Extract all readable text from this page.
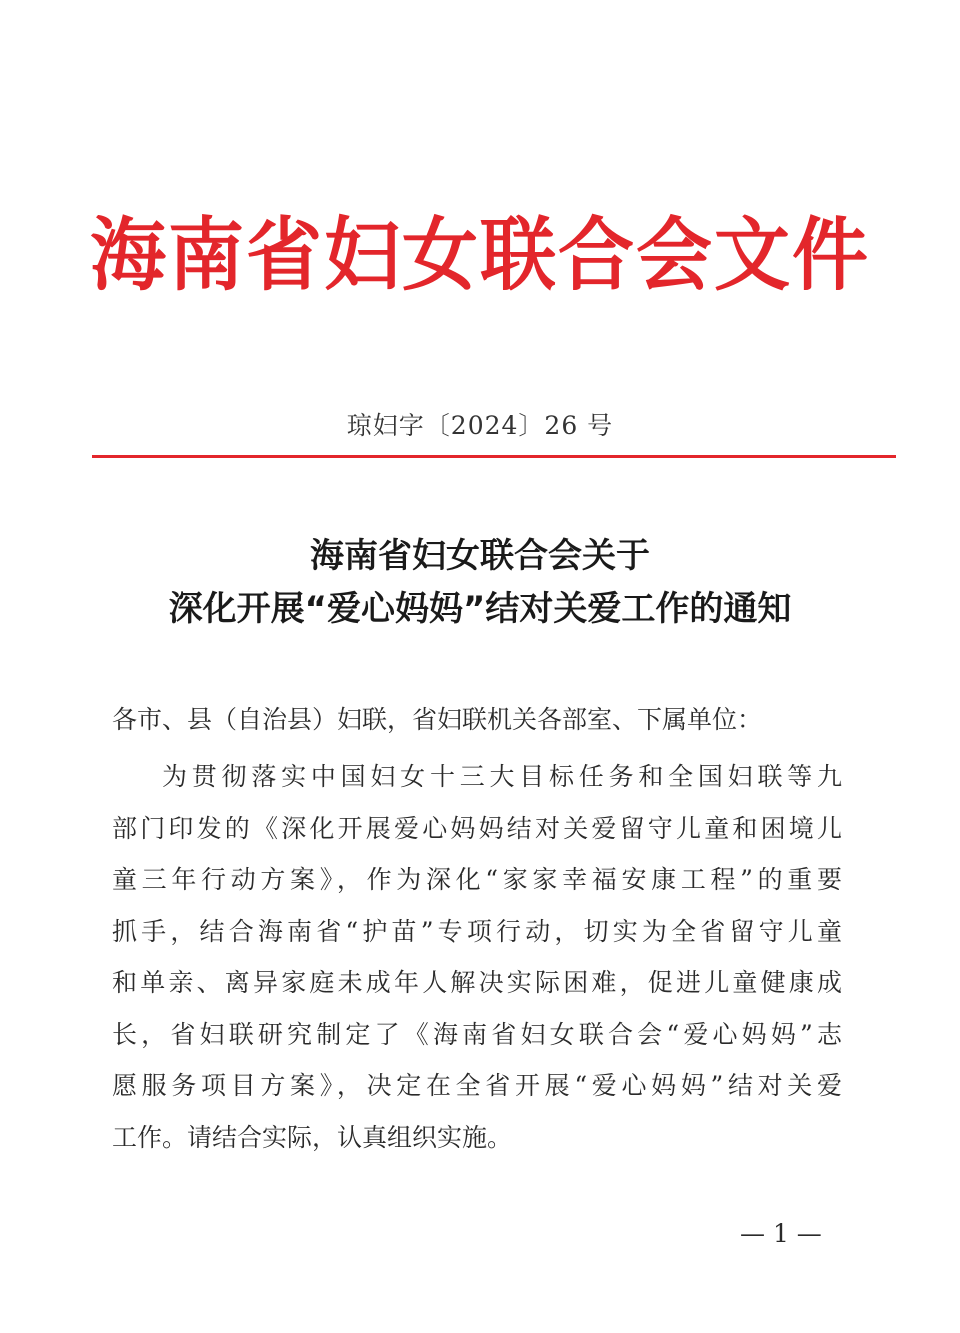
海南省妇女联合会文件
琼妇字〔2024〕26 号
海南省妇女联合会关于
深化开展“爱心妈妈”结对关爱工作的通知
各市、县（自治县）妇联，省妇联机关各部室、下属单位：
为贯彻落实中国妇女十三大目标任务和全国妇联等九
部门印发的《深化开展爱心妈妈结对关爱留守儿童和困境儿
童三年行动方案》，作为深化“家家幸福安康工程”的重要
抓手，结合海南省“护苗”专项行动，切实为全省留守儿童
和单亲、离异家庭未成年人解决实际困难，促进儿童健康成
长，省妇联研究制定了《海南省妇女联合会“爱心妈妈”志
愿服务项目方案》，决定在全省开展“爱心妈妈”结对关爱
工作。请结合实际，认真组织实施。
— 1 —
